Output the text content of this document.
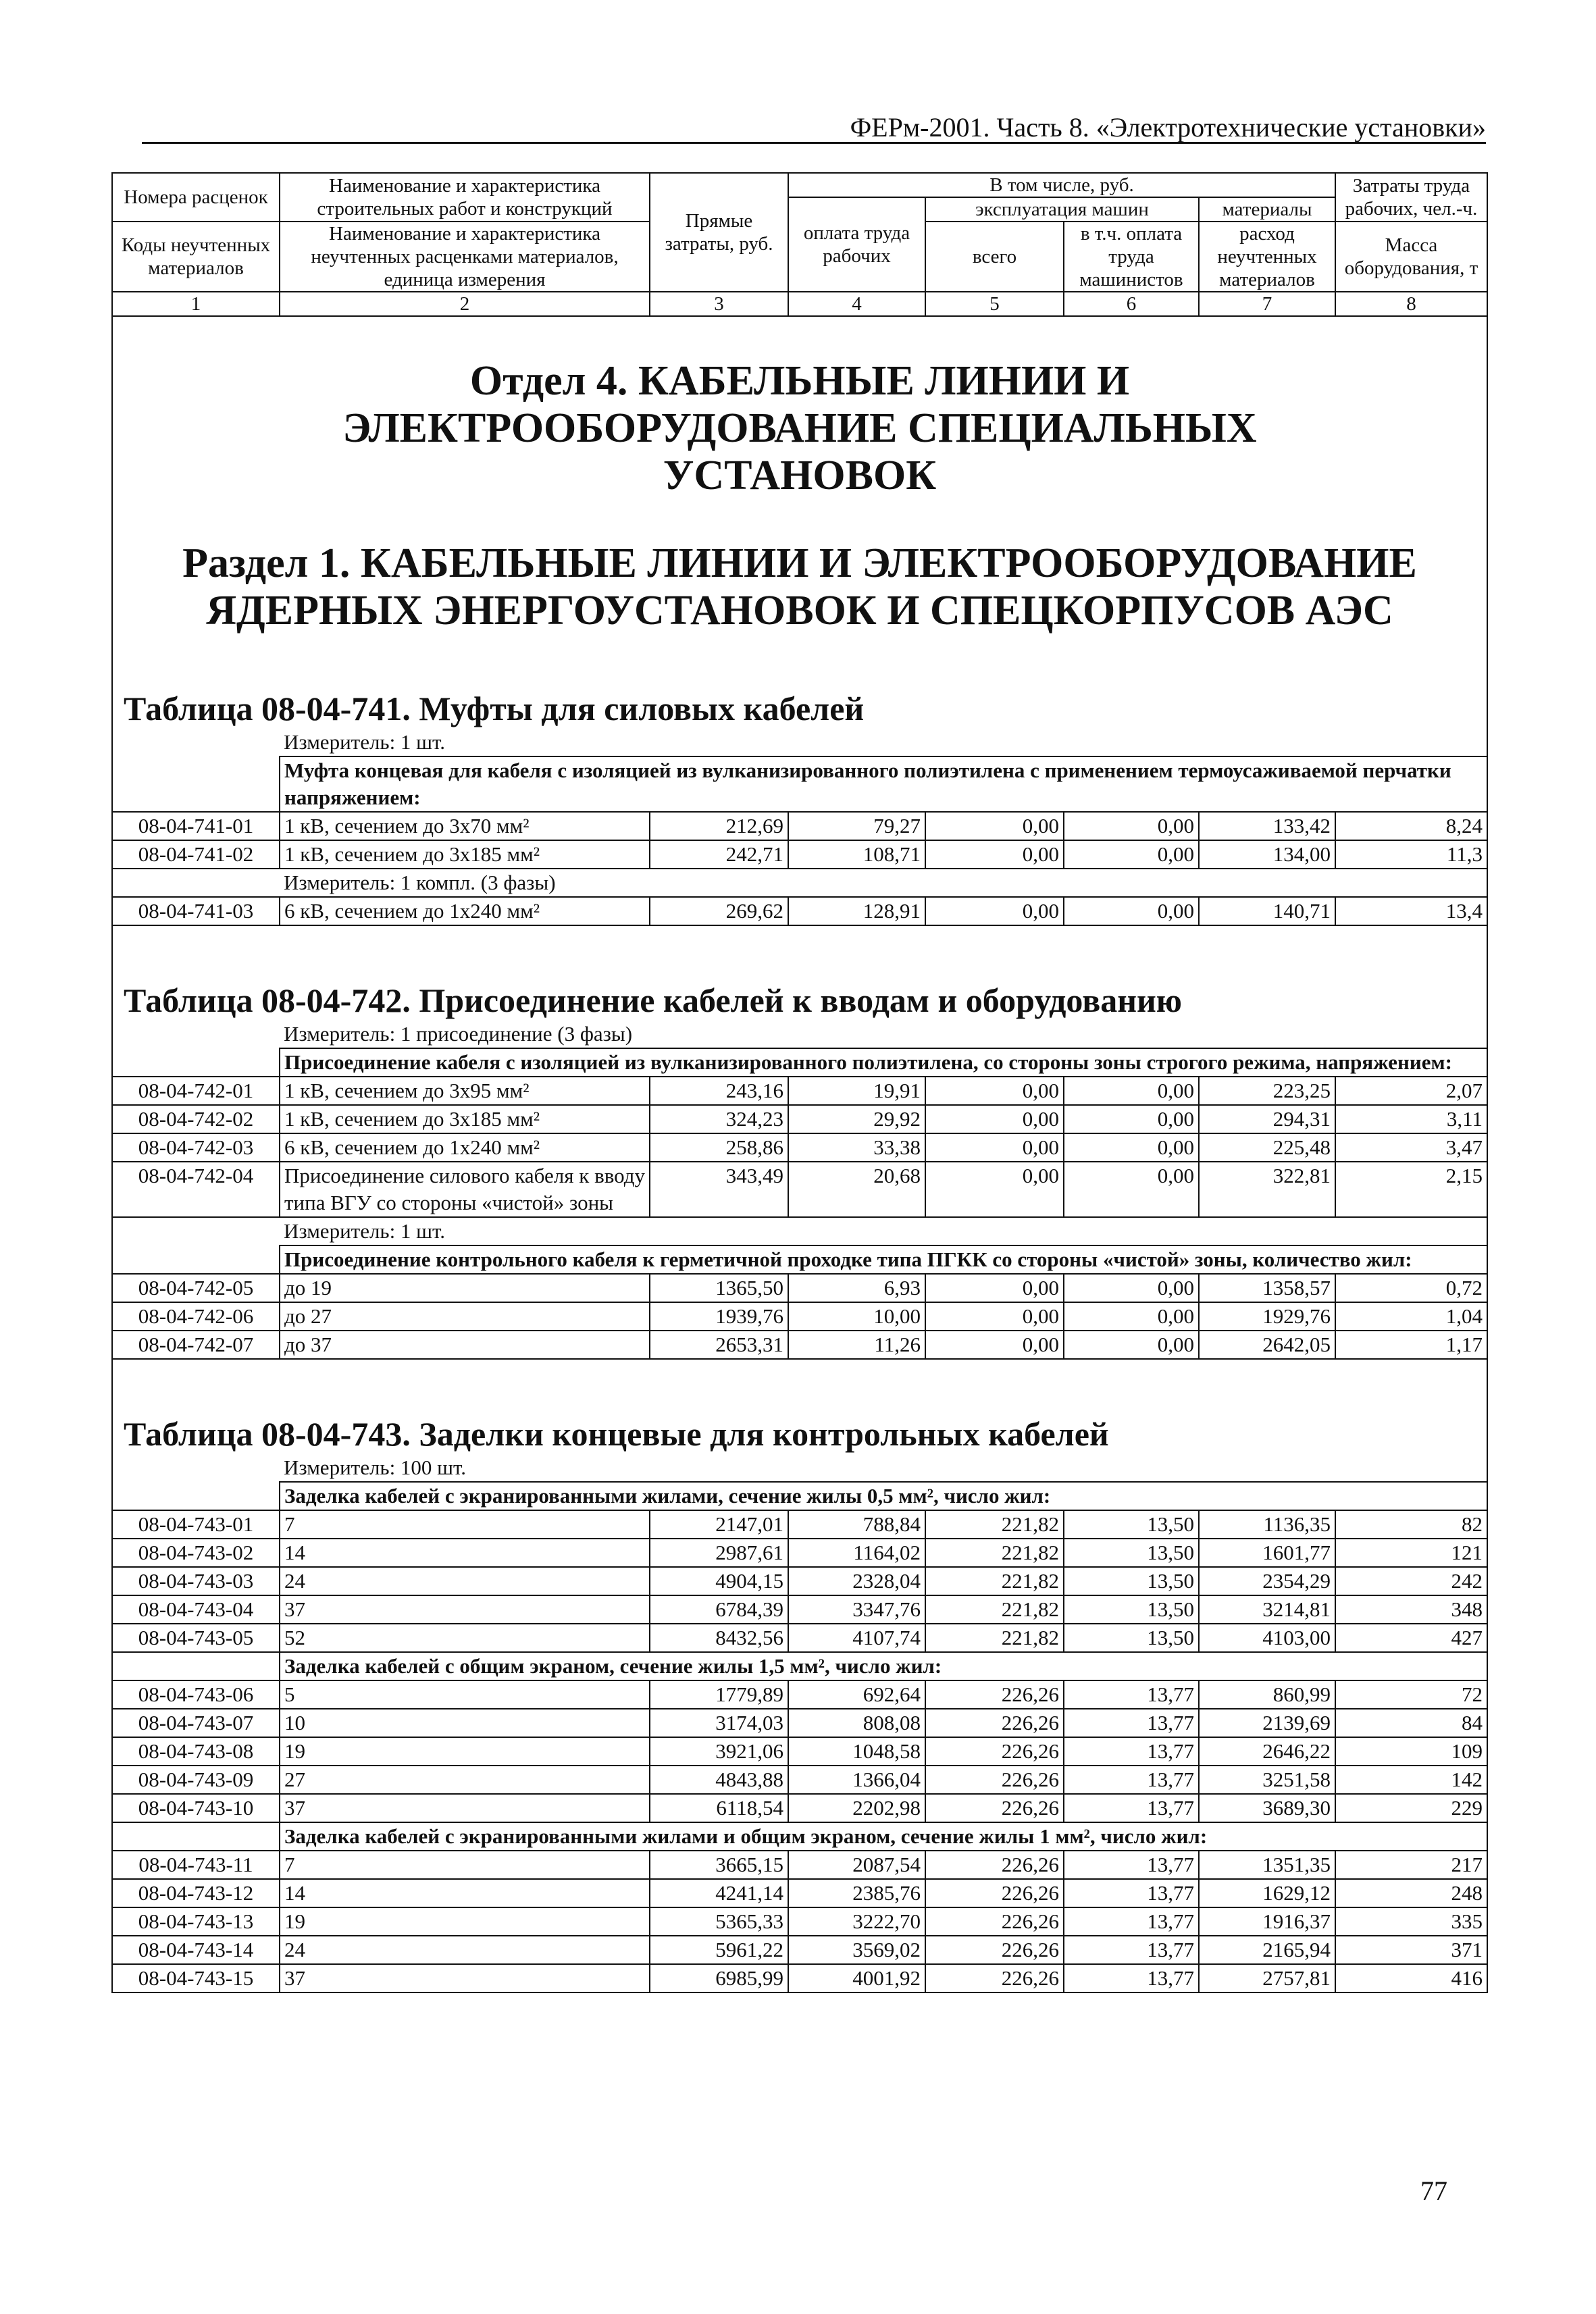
ФЕРм-2001. Часть 8. «Электротехнические установки»
Номера расценок	Наименование и характеристика строительных работ и конструкций	Прямые затраты, руб.	В том числе, руб.				Затраты труда рабочих, чел.-ч.
			оплата труда рабочих	эксплуатация машин		материалы	
Коды неучтенных материалов	Наименование и характеристика неучтенных расценками материалов, единица измерения			всего	в т.ч. оплата труда машинистов	расход неучтенных материалов	
							Масса оборудования, т
1	2	3	4	5	6	7	8

Отдел 4. КАБЕЛЬНЫЕ ЛИНИИ И ЭЛЕКТРООБОРУДОВАНИЕ СПЕЦИАЛЬНЫХ УСТАНОВОК							

Раздел 1. КАБЕЛЬНЫЕ ЛИНИИ И ЭЛЕКТРООБОРУДОВАНИЕ ЯДЕРНЫХ ЭНЕРГОУСТАНОВОК И СПЕЦКОРПУСОВ АЭС							

Таблица 08-04-741. Муфты для силовых кабелей							

	Измеритель: 1 шт.						
	Муфта концевая для кабеля с изоляцией из вулканизированного полиэтилена с применением термоусаживаемой перчатки напряжением:						
08-04-741-01	1 кВ, сечением до 3х70 мм²	212,69	79,27	0,00	0,00	133,42	8,24
08-04-741-02	1 кВ, сечением до 3х185 мм²	242,71	108,71	0,00	0,00	134,00	11,3
	Измеритель: 1 компл. (3 фазы)						
08-04-741-03	6 кВ, сечением до 1х240 мм²	269,62	128,91	0,00	0,00	140,71	13,4

Таблица 08-04-742. Присоединение кабелей к вводам и оборудованию							

	Измеритель: 1 присоединение (3 фазы)						
	Присоединение кабеля с изоляцией из вулканизированного полиэтилена, со стороны зоны строгого режима, напряжением:						
08-04-742-01	1 кВ, сечением до 3х95 мм²	243,16	19,91	0,00	0,00	223,25	2,07
08-04-742-02	1 кВ, сечением до 3х185 мм²	324,23	29,92	0,00	0,00	294,31	3,11
08-04-742-03	6 кВ, сечением до 1х240 мм²	258,86	33,38	0,00	0,00	225,48	3,47
08-04-742-04	Присоединение силового кабеля к вводу типа ВГУ со стороны «чистой» зоны	343,49	20,68	0,00	0,00	322,81	2,15
	Измеритель: 1 шт.						
	Присоединение контрольного кабеля к герметичной проходке типа ПГКК со стороны «чистой» зоны, количество жил:						
08-04-742-05	до 19	1365,50	6,93	0,00	0,00	1358,57	0,72
08-04-742-06	до 27	1939,76	10,00	0,00	0,00	1929,76	1,04
08-04-742-07	до 37	2653,31	11,26	0,00	0,00	2642,05	1,17

Таблица 08-04-743. Заделки концевые для контрольных кабелей							

	Измеритель: 100 шт.						
	Заделка кабелей с экранированными жилами, сечение жилы 0,5 мм², число жил:						
08-04-743-01	7	2147,01	788,84	221,82	13,50	1136,35	82
08-04-743-02	14	2987,61	1164,02	221,82	13,50	1601,77	121
08-04-743-03	24	4904,15	2328,04	221,82	13,50	2354,29	242
08-04-743-04	37	6784,39	3347,76	221,82	13,50	3214,81	348
08-04-743-05	52	8432,56	4107,74	221,82	13,50	4103,00	427
	Заделка кабелей с общим экраном, сечение жилы 1,5 мм², число жил:						
08-04-743-06	5	1779,89	692,64	226,26	13,77	860,99	72
08-04-743-07	10	3174,03	808,08	226,26	13,77	2139,69	84
08-04-743-08	19	3921,06	1048,58	226,26	13,77	2646,22	109
08-04-743-09	27	4843,88	1366,04	226,26	13,77	3251,58	142
08-04-743-10	37	6118,54	2202,98	226,26	13,77	3689,30	229
	Заделка кабелей с экранированными жилами и общим экраном, сечение жилы 1 мм², число жил:						
08-04-743-11	7	3665,15	2087,54	226,26	13,77	1351,35	217
08-04-743-12	14	4241,14	2385,76	226,26	13,77	1629,12	248
08-04-743-13	19	5365,33	3222,70	226,26	13,77	1916,37	335
08-04-743-14	24	5961,22	3569,02	226,26	13,77	2165,94	371
08-04-743-15	37	6985,99	4001,92	226,26	13,77	2757,81	416
77
